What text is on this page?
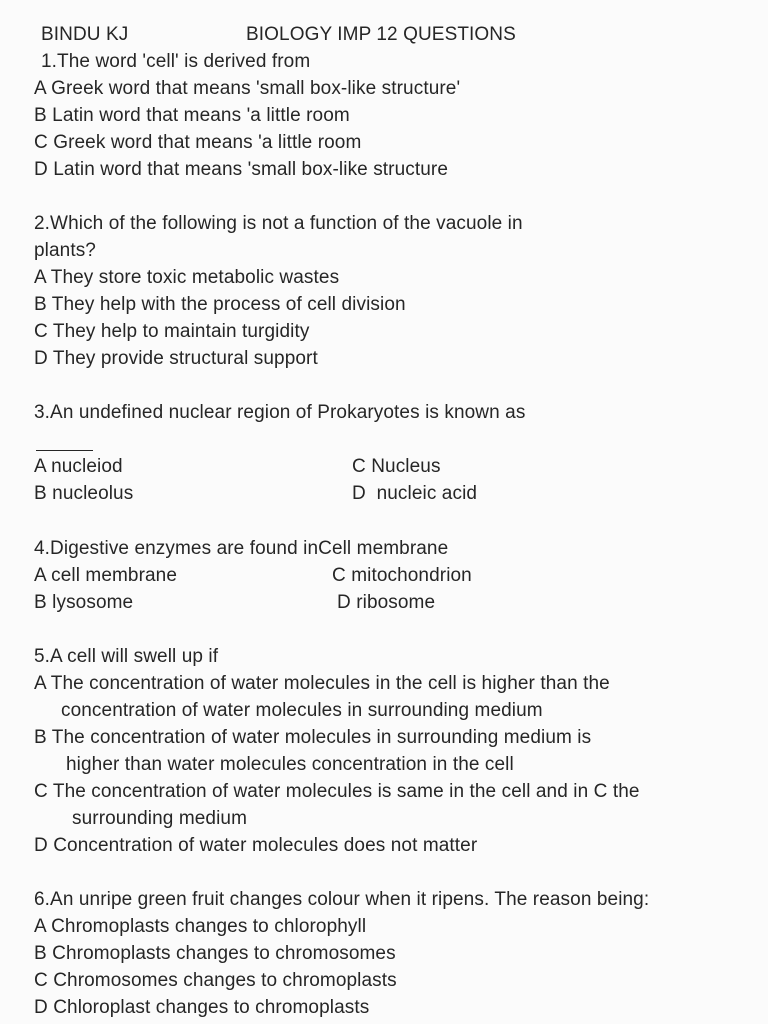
BINDU KJ	BIOLOGY IMP 12 QUESTIONS
1.The word 'cell' is derived from
A Greek word that means 'small box-like structure'
B Latin word that means 'a little room
C Greek word that means 'a little room
D Latin word that means 'small box-like structure
2.Which of the following is not a function of the vacuole in
plants?
A They store toxic metabolic wastes
B They help with the process of cell division
C They help to maintain turgidity
D They provide structural support
3.An undefined nuclear region of Prokaryotes is known as
A nucleiod	C Nucleus
B nucleolus	D  nucleic acid
4.Digestive enzymes are found inCell membrane
A cell membrane	C mitochondrion
B lysosome	D ribosome
5.A cell will swell up if
A The concentration of water molecules in the cell is higher than the
concentration of water molecules in surrounding medium
B The concentration of water molecules in surrounding medium is
higher than water molecules concentration in the cell
C The concentration of water molecules is same in the cell and in C the
surrounding medium
D Concentration of water molecules does not matter
6.An unripe green fruit changes colour when it ripens. The reason being:
A Chromoplasts changes to chlorophyll
B Chromoplasts changes to chromosomes
C Chromosomes changes to chromoplasts
D Chloroplast changes to chromoplasts
